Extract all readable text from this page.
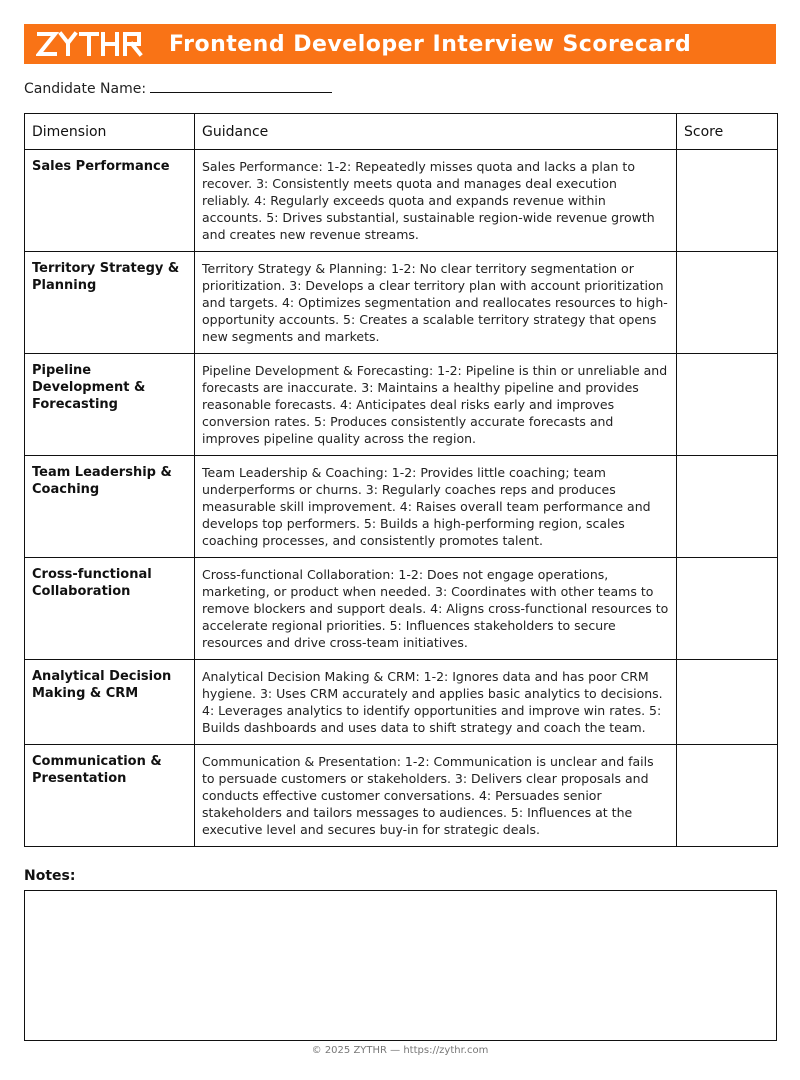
Frontend Developer Interview Scorecard
Candidate Name:
Dimension	Guidance	Score
Sales Performance	Sales Performance: 1-2: Repeatedly misses quota and lacks a plan to recover. 3: Consistently meets quota and manages deal execution reliably. 4: Regularly exceeds quota and expands revenue within accounts. 5: Drives substantial, sustainable region-wide revenue growth and creates new revenue streams.	
Territory Strategy & Planning	Territory Strategy & Planning: 1-2: No clear territory segmentation or prioritization. 3: Develops a clear territory plan with account prioritization and targets. 4: Optimizes segmentation and reallocates resources to high-opportunity accounts. 5: Creates a scalable territory strategy that opens new segments and markets.	
Pipeline Development & Forecasting	Pipeline Development & Forecasting: 1-2: Pipeline is thin or unreliable and forecasts are inaccurate. 3: Maintains a healthy pipeline and provides reasonable forecasts. 4: Anticipates deal risks early and improves conversion rates. 5: Produces consistently accurate forecasts and improves pipeline quality across the region.	
Team Leadership & Coaching	Team Leadership & Coaching: 1-2: Provides little coaching; team underperforms or churns. 3: Regularly coaches reps and produces measurable skill improvement. 4: Raises overall team performance and develops top performers. 5: Builds a high-performing region, scales coaching processes, and consistently promotes talent.	
Cross-functional Collaboration	Cross-functional Collaboration: 1-2: Does not engage operations, marketing, or product when needed. 3: Coordinates with other teams to remove blockers and support deals. 4: Aligns cross-functional resources to accelerate regional priorities. 5: Influences stakeholders to secure resources and drive cross-team initiatives.	
Analytical Decision Making & CRM	Analytical Decision Making & CRM: 1-2: Ignores data and has poor CRM hygiene. 3: Uses CRM accurately and applies basic analytics to decisions. 4: Leverages analytics to identify opportunities and improve win rates. 5: Builds dashboards and uses data to shift strategy and coach the team.	
Communication & Presentation	Communication & Presentation: 1-2: Communication is unclear and fails to persuade customers or stakeholders. 3: Delivers clear proposals and conducts effective customer conversations. 4: Persuades senior stakeholders and tailors messages to audiences. 5: Influences at the executive level and secures buy-in for strategic deals.	
Notes:
© 2025 ZYTHR — https://zythr.com
